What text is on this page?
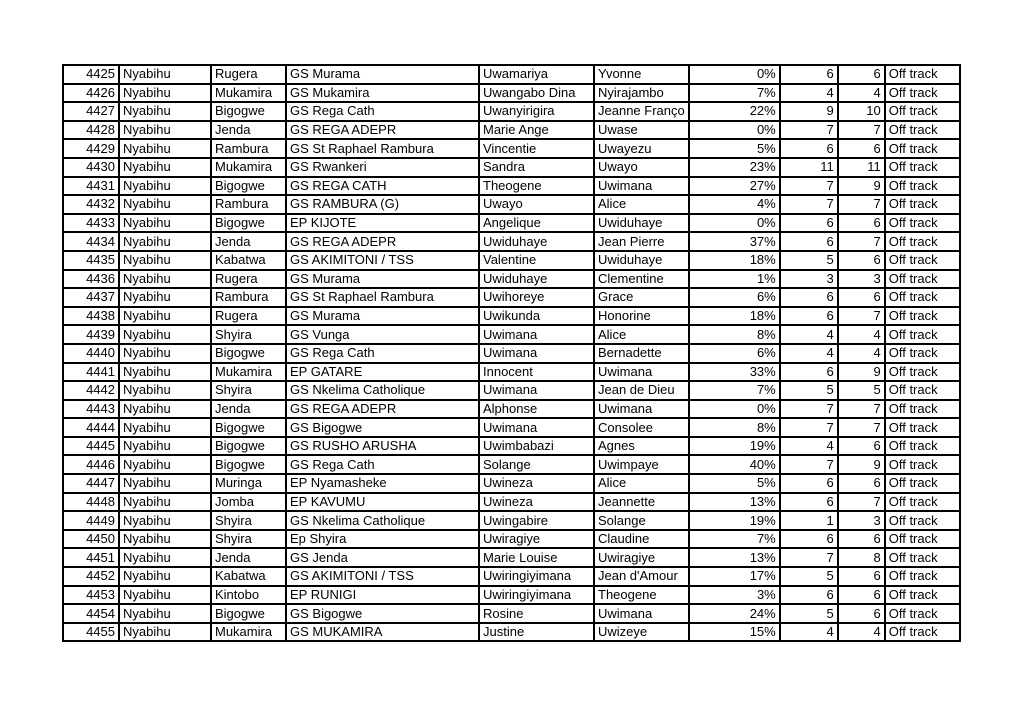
4425	Nyabihu	Rugera	GS Murama	Uwamariya	Yvonne	0%	6	6	Off track
4426	Nyabihu	Mukamira	GS Mukamira	Uwangabo Dina	Nyirajambo	7%	4	4	Off track
4427	Nyabihu	Bigogwe	GS Rega Cath	Uwanyirigira	Jeanne Franço	22%	9	10	Off track
4428	Nyabihu	Jenda	GS REGA ADEPR	Marie Ange	Uwase	0%	7	7	Off track
4429	Nyabihu	Rambura	GS St Raphael Rambura	Vincentie	Uwayezu	5%	6	6	Off track
4430	Nyabihu	Mukamira	GS Rwankeri	Sandra	Uwayo	23%	11	11	Off track
4431	Nyabihu	Bigogwe	GS REGA CATH	Theogene	Uwimana	27%	7	9	Off track
4432	Nyabihu	Rambura	GS RAMBURA (G)	Uwayo	Alice	4%	7	7	Off track
4433	Nyabihu	Bigogwe	EP KIJOTE	Angelique	Uwiduhaye	0%	6	6	Off track
4434	Nyabihu	Jenda	GS REGA ADEPR	Uwiduhaye	Jean Pierre	37%	6	7	Off track
4435	Nyabihu	Kabatwa	GS AKIMITONI / TSS	Valentine	Uwiduhaye	18%	5	6	Off track
4436	Nyabihu	Rugera	GS Murama	Uwiduhaye	Clementine	1%	3	3	Off track
4437	Nyabihu	Rambura	GS St Raphael Rambura	Uwihoreye	Grace	6%	6	6	Off track
4438	Nyabihu	Rugera	GS Murama	Uwikunda	Honorine	18%	6	7	Off track
4439	Nyabihu	Shyira	GS Vunga	Uwimana	Alice	8%	4	4	Off track
4440	Nyabihu	Bigogwe	GS Rega Cath	Uwimana	Bernadette	6%	4	4	Off track
4441	Nyabihu	Mukamira	EP GATARE	Innocent	Uwimana	33%	6	9	Off track
4442	Nyabihu	Shyira	GS Nkelima Catholique	Uwimana	Jean de Dieu	7%	5	5	Off track
4443	Nyabihu	Jenda	GS REGA ADEPR	Alphonse	Uwimana	0%	7	7	Off track
4444	Nyabihu	Bigogwe	GS Bigogwe	Uwimana	Consolee	8%	7	7	Off track
4445	Nyabihu	Bigogwe	GS RUSHO ARUSHA	Uwimbabazi	Agnes	19%	4	6	Off track
4446	Nyabihu	Bigogwe	GS Rega Cath	Solange	Uwimpaye	40%	7	9	Off track
4447	Nyabihu	Muringa	EP Nyamasheke	Uwineza	Alice	5%	6	6	Off track
4448	Nyabihu	Jomba	EP KAVUMU	Uwineza	Jeannette	13%	6	7	Off track
4449	Nyabihu	Shyira	GS Nkelima Catholique	Uwingabire	Solange	19%	1	3	Off track
4450	Nyabihu	Shyira	Ep Shyira	Uwiragiye	Claudine	7%	6	6	Off track
4451	Nyabihu	Jenda	GS Jenda	Marie Louise	Uwiragiye	13%	7	8	Off track
4452	Nyabihu	Kabatwa	GS AKIMITONI / TSS	Uwiringiyimana	Jean d'Amour	17%	5	6	Off track
4453	Nyabihu	Kintobo	EP RUNIGI	Uwiringiyimana	Theogene	3%	6	6	Off track
4454	Nyabihu	Bigogwe	GS Bigogwe	Rosine	Uwimana	24%	5	6	Off track
4455	Nyabihu	Mukamira	GS MUKAMIRA	Justine	Uwizeye	15%	4	4	Off track
